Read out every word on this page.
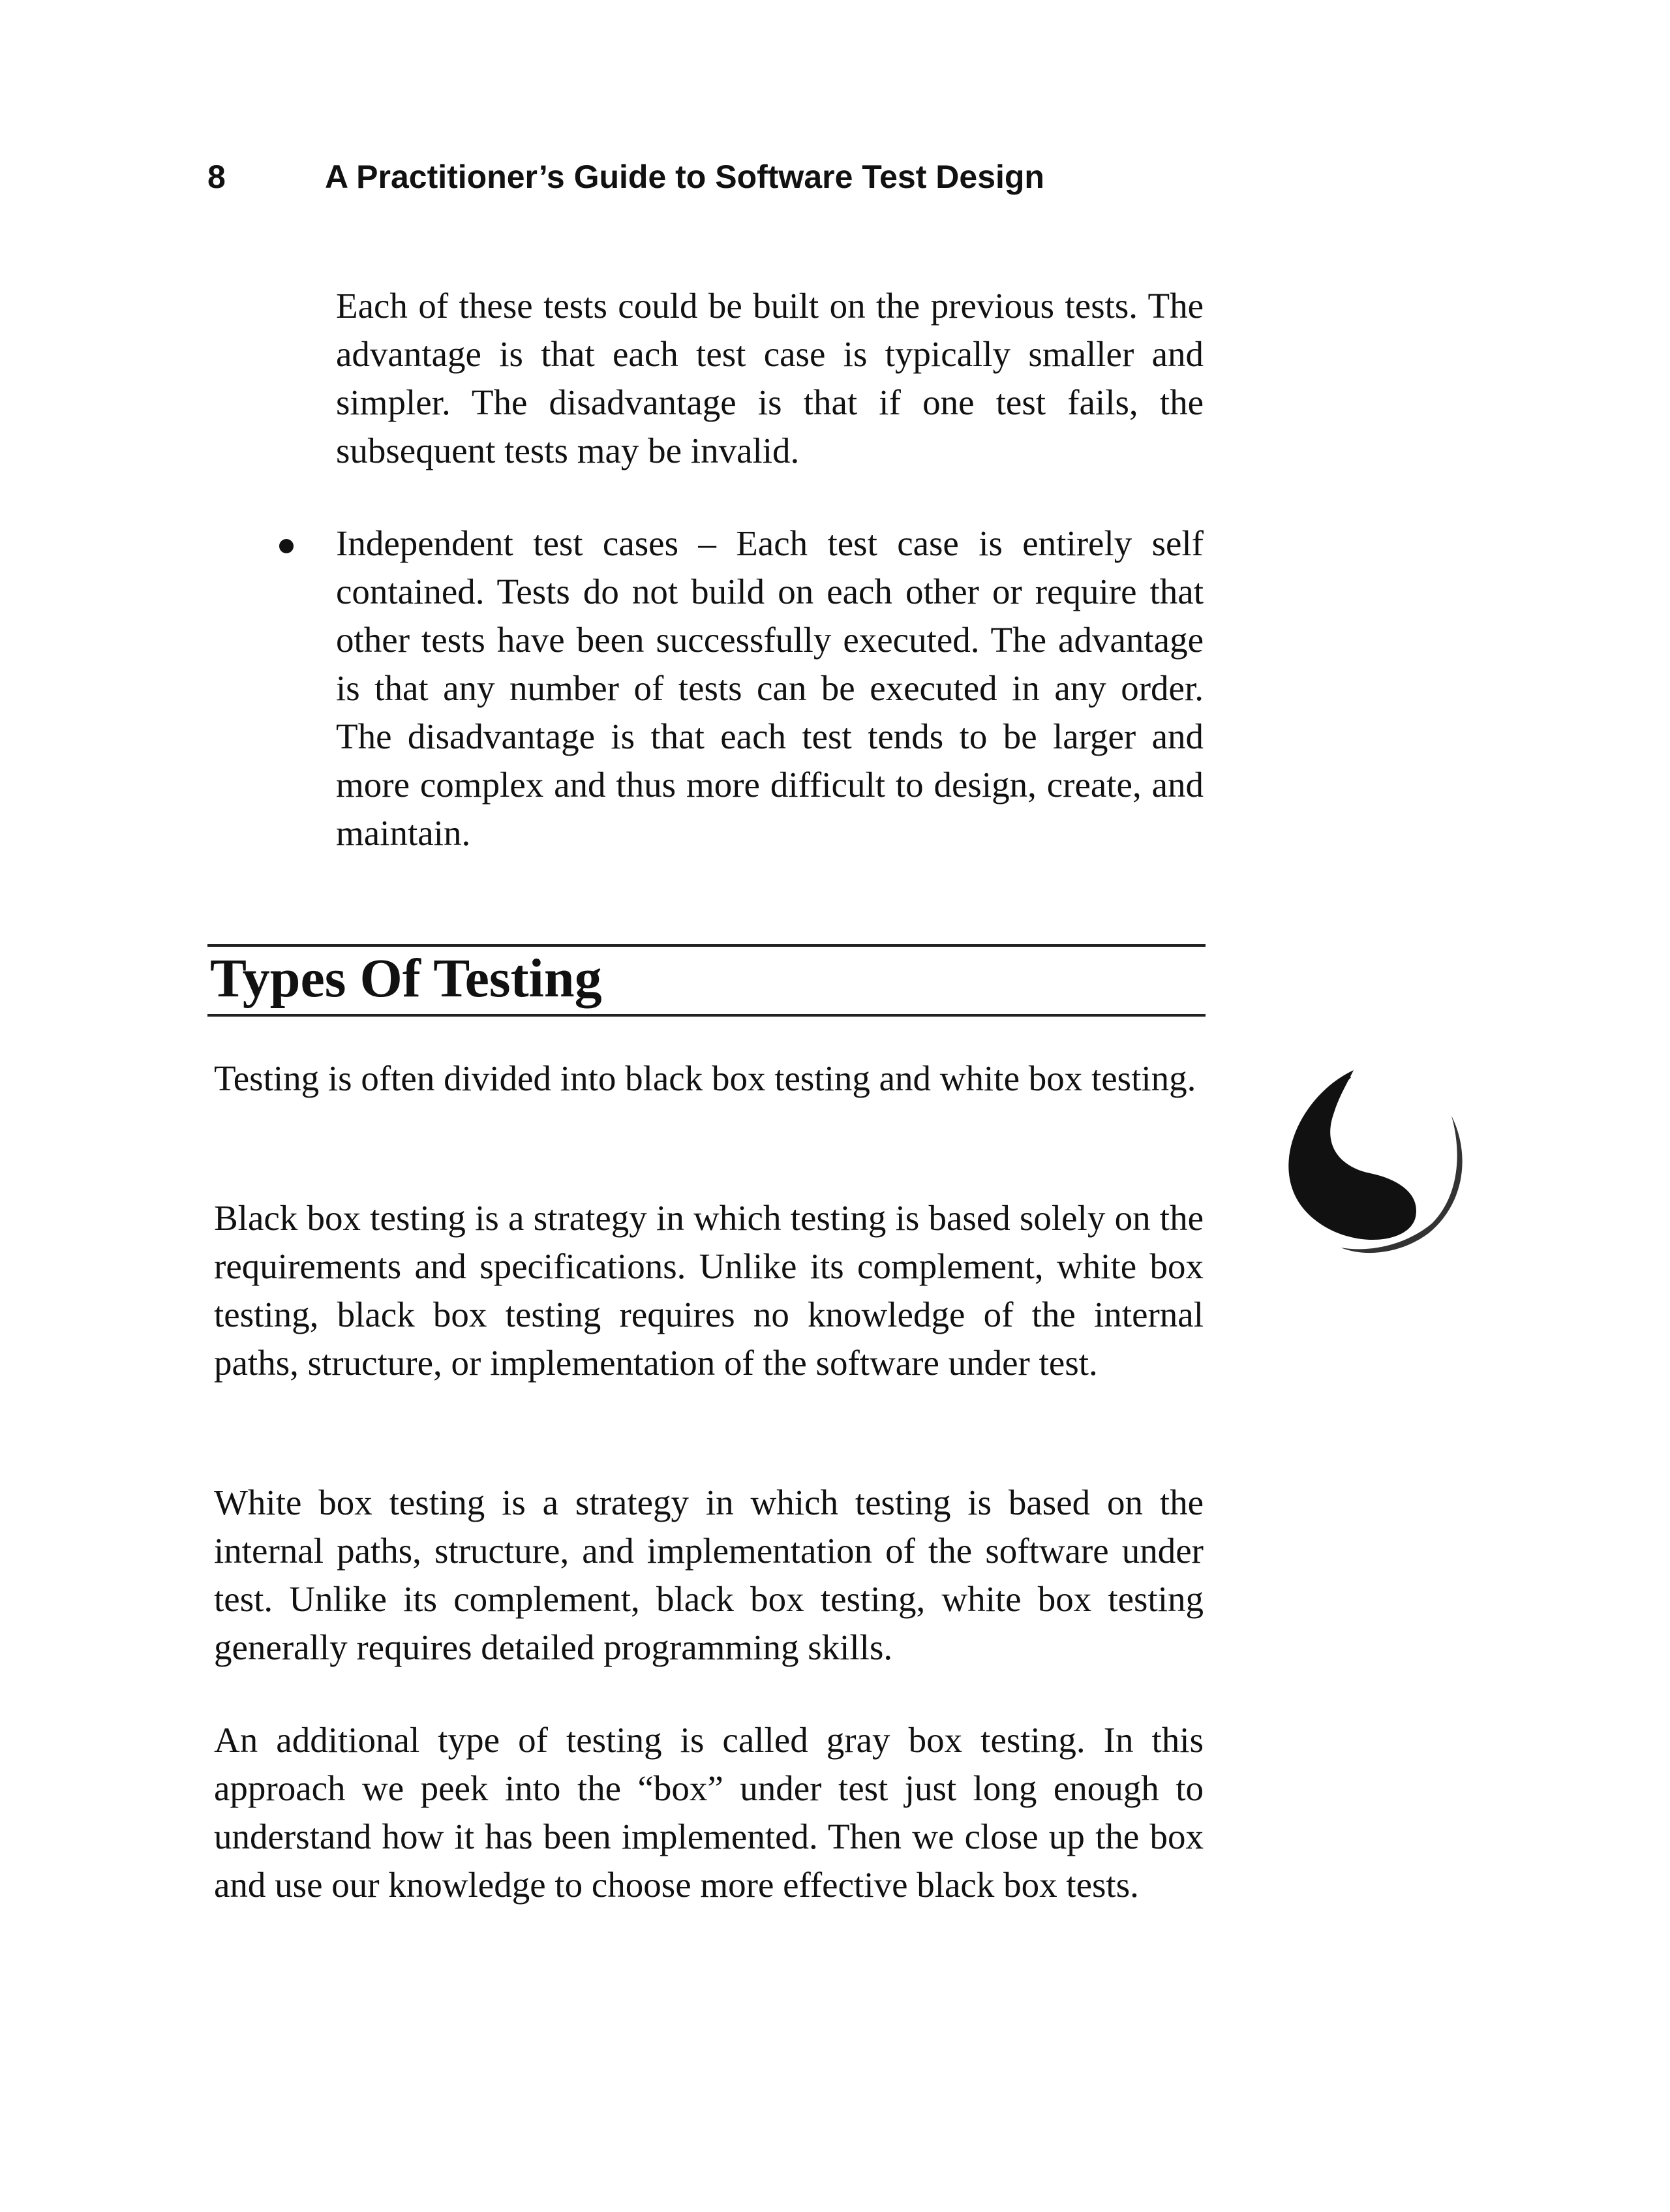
8	A Practitioner’s Guide to Software Test Design

Each of these tests could be built on the previous tests. The advantage is that each test case is typically smaller and simpler. The disadvantage is that if one test fails, the subsequent tests may be invalid.

Independent test cases – Each test case is entirely self contained. Tests do not build on each other or require that other tests have been successfully executed. The advantage is that any number of tests can be executed in any order. The disadvantage is that each test tends to be larger and more complex and thus more difficult to design, create, and maintain.

Types Of Testing

Testing is often divided into black box testing and white box testing.

Black box testing is a strategy in which testing is based solely on the requirements and specifications. Unlike its complement, white box testing, black box testing requires no knowledge of the internal paths, structure, or implementation of the software under test.

White box testing is a strategy in which testing is based on the internal paths, structure, and implementation of the software under test. Unlike its complement, black box testing, white box testing generally requires detailed programming skills.

An additional type of testing is called gray box testing. In this approach we peek into the “box” under test just long enough to understand how it has been implemented. Then we close up the box and use our knowledge to choose more effective black box tests.
